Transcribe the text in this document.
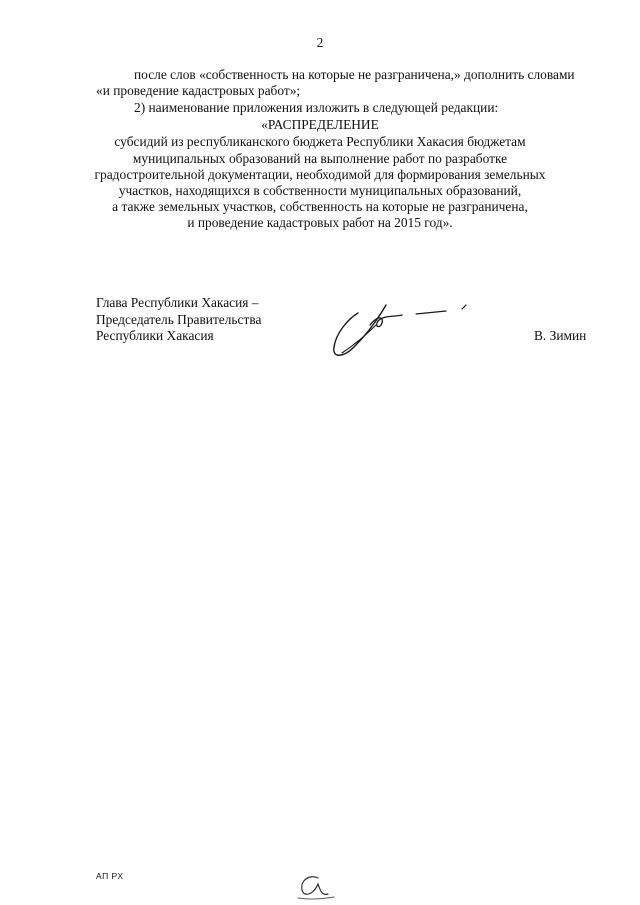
2
после слов «собственность на которые не разграничена,» дополнить словами
«и проведение кадастровых работ»;
2) наименование приложения изложить в следующей редакции:
«РАСПРЕДЕЛЕНИЕ
субсидий из республиканского бюджета Республики Хакасия бюджетам
муниципальных образований на выполнение работ по разработке
градостроительной документации, необходимой для формирования земельных
участков, находящихся в собственности муниципальных образований,
а также земельных участков, собственность на которые не разграничена,
и проведение кадастровых работ на 2015 год».
Глава Республики Хакасия –
Председатель Правительства
Республики Хакасия	В. Зимин
АП РХ
